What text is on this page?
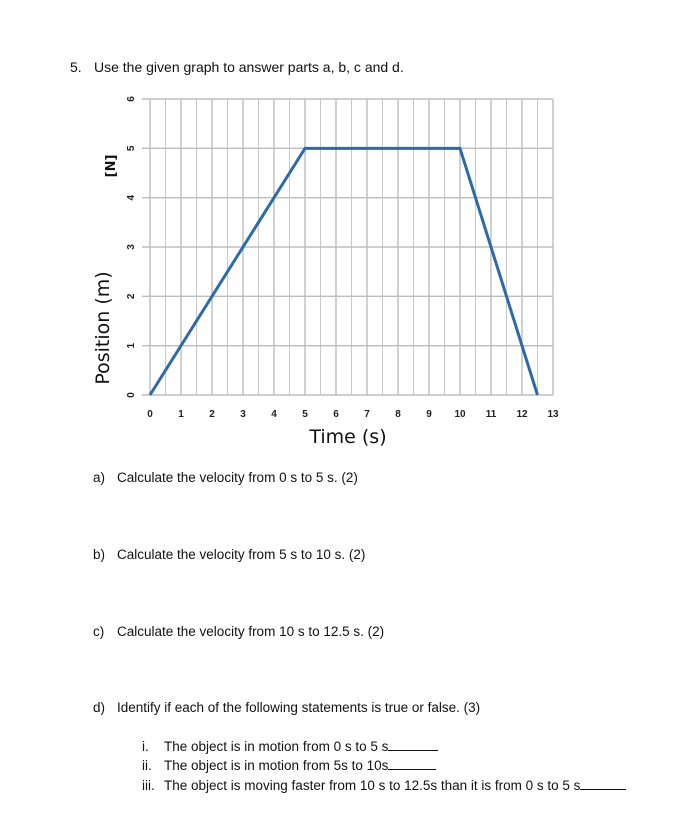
5. Use the given graph to answer parts a, b, c and d.
0
1
2
3
4
5
6
0	1	2	3	4	5	6	7	8	9 10 11 12 13
Time (s)
Position (m)
[N]
a) Calculate the velocity from 0 s to 5 s. (2)
b) Calculate the velocity from 5 s to 10 s. (2)
c) Calculate the velocity from 10 s to 12.5 s. (2)
d) Identify if each of the following statements is true or false. (3)
i. The object is in motion from 0 s to 5 s
ii. The object is in motion from 5s to 10s
iii. The object is moving faster from 10 s to 12.5s than it is from 0 s to 5 s
